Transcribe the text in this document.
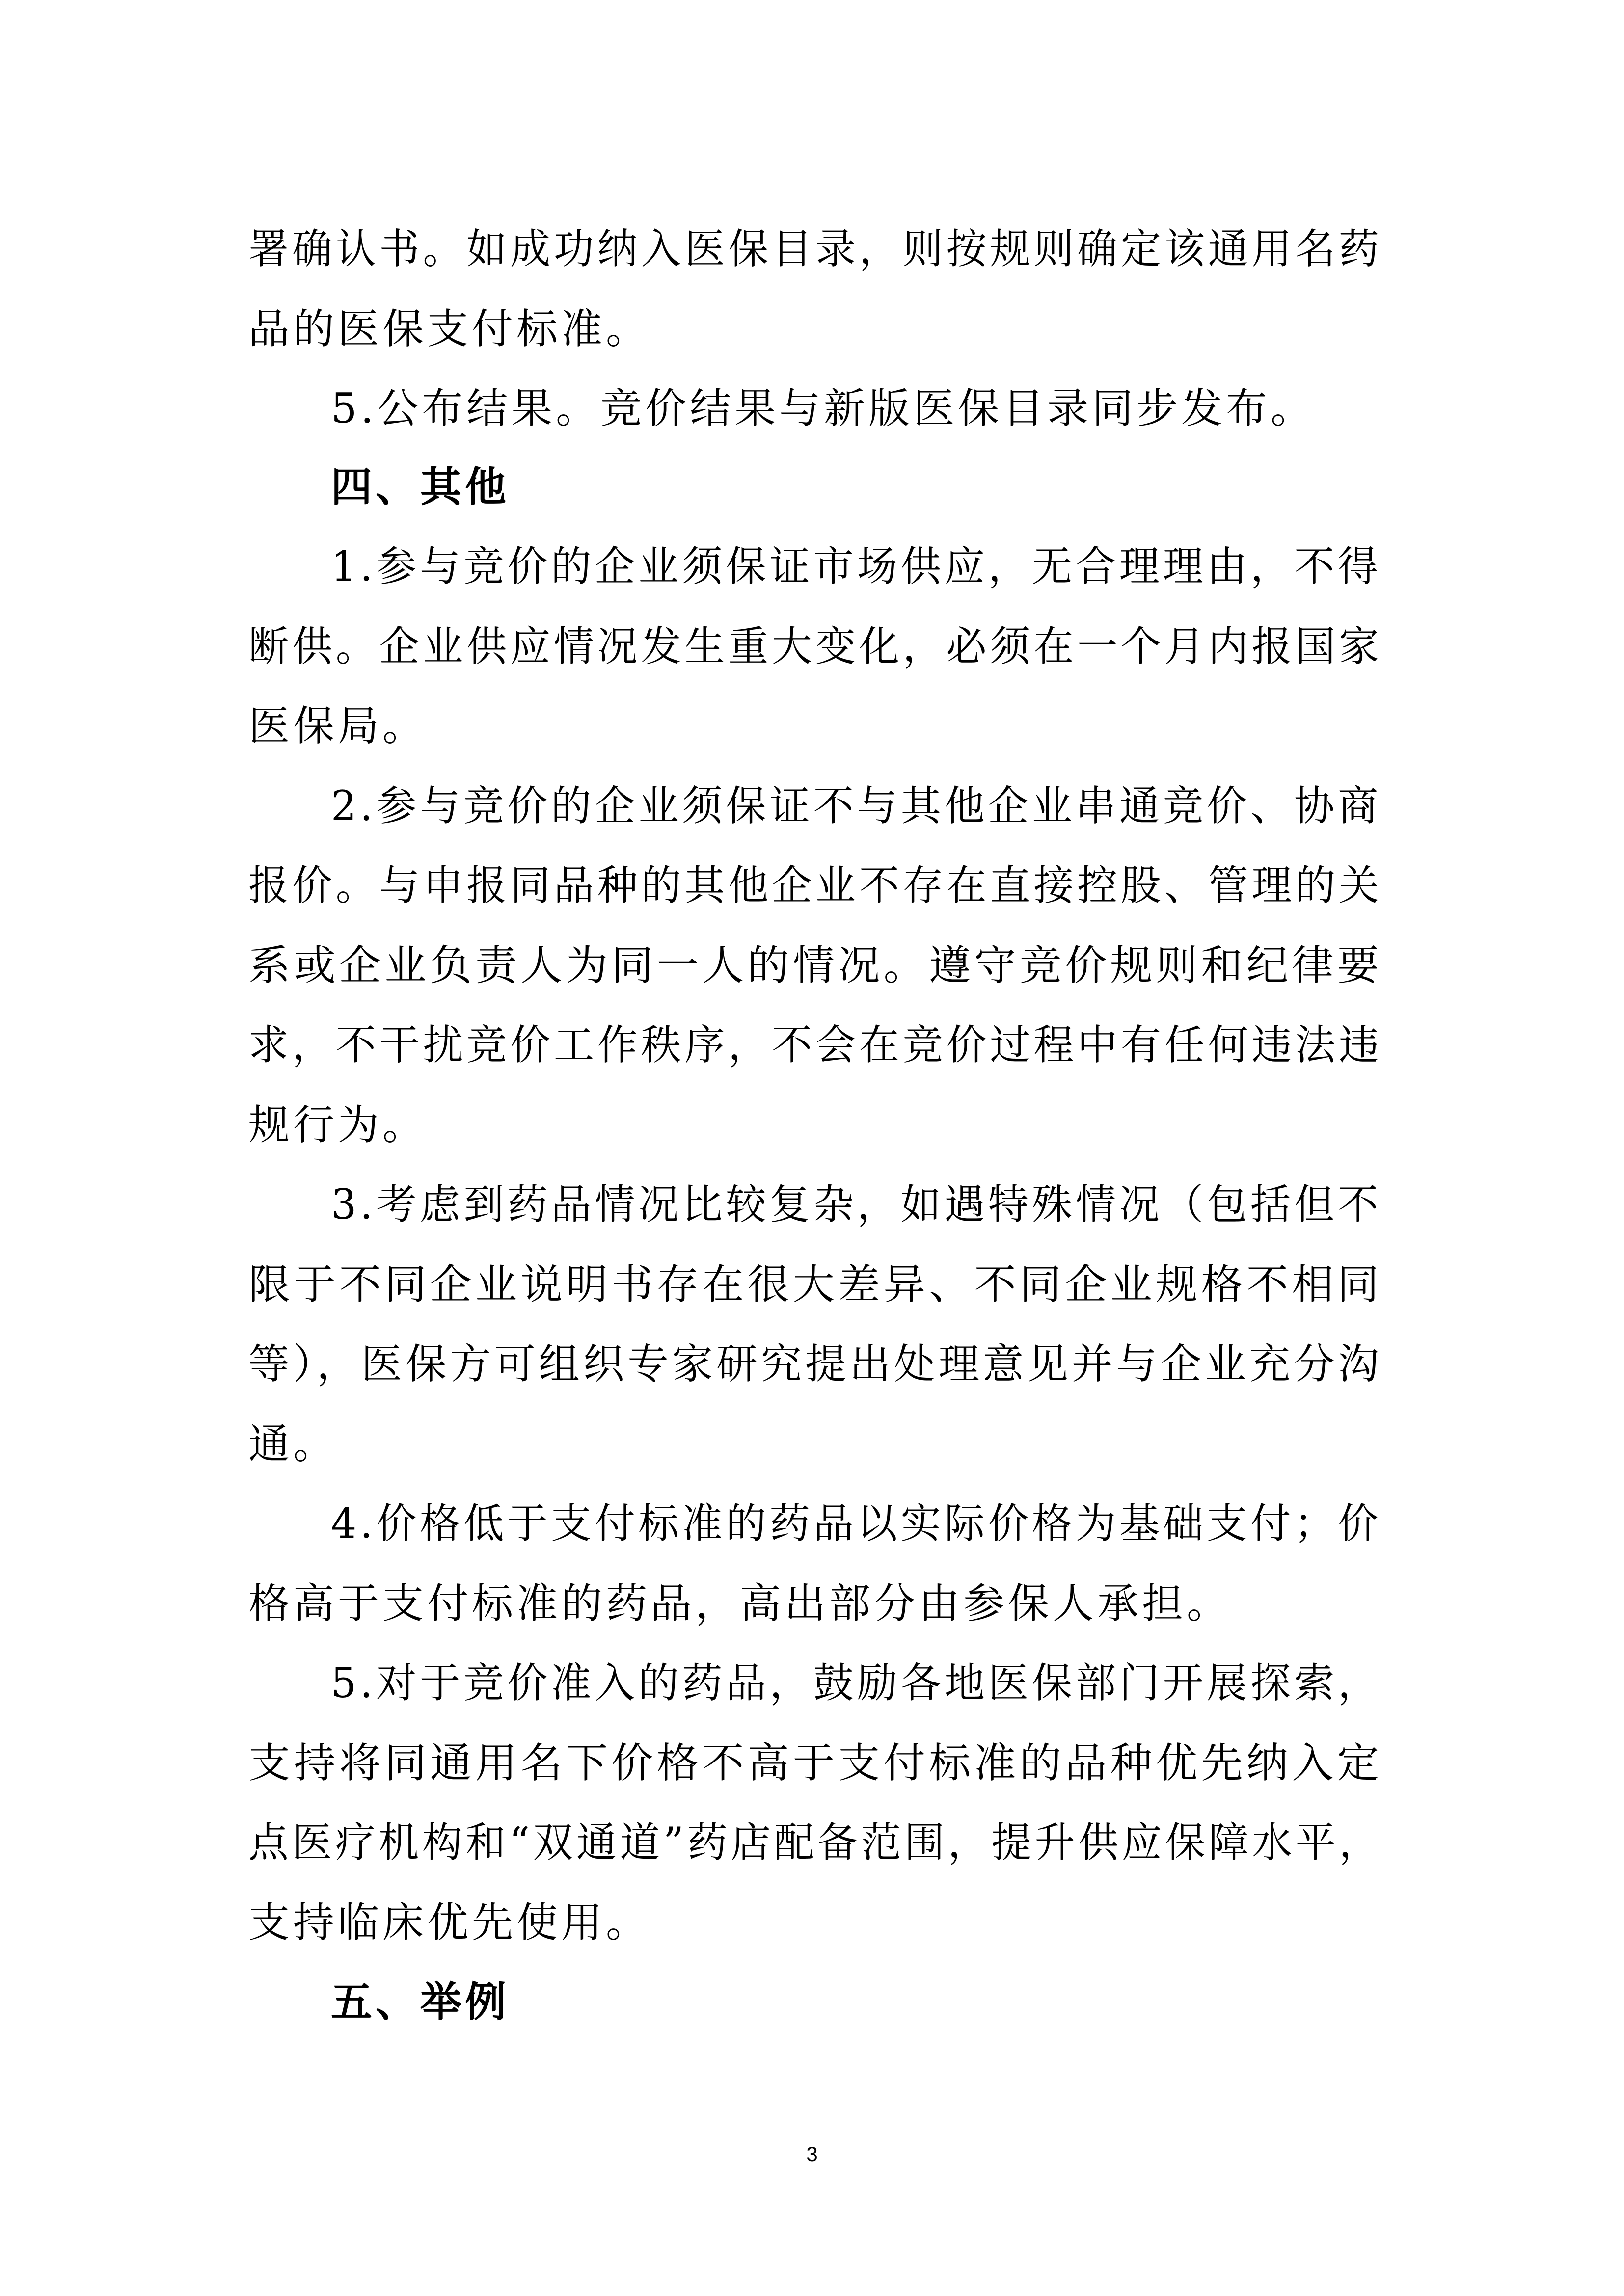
署确认书。如成功纳入医保目录，则按规则确定该通用名药
品的医保支付标准。
5.公布结果。竞价结果与新版医保目录同步发布。
四、其他
1.参与竞价的企业须保证市场供应，无合理理由，不得
断供。企业供应情况发生重大变化，必须在一个月内报国家
医保局。
2.参与竞价的企业须保证不与其他企业串通竞价、协商
报价。与申报同品种的其他企业不存在直接控股、管理的关
系或企业负责人为同一人的情况。遵守竞价规则和纪律要
求，不干扰竞价工作秩序，不会在竞价过程中有任何违法违
规行为。
3.考虑到药品情况比较复杂，如遇特殊情况（包括但不
限于不同企业说明书存在很大差异、不同企业规格不相同
等），医保方可组织专家研究提出处理意见并与企业充分沟
通。
4.价格低于支付标准的药品以实际价格为基础支付；价
格高于支付标准的药品，高出部分由参保人承担。
5.对于竞价准入的药品，鼓励各地医保部门开展探索，
支持将同通用名下价格不高于支付标准的品种优先纳入定
点医疗机构和“双通道”药店配备范围，提升供应保障水平，
支持临床优先使用。
五、举例
3
